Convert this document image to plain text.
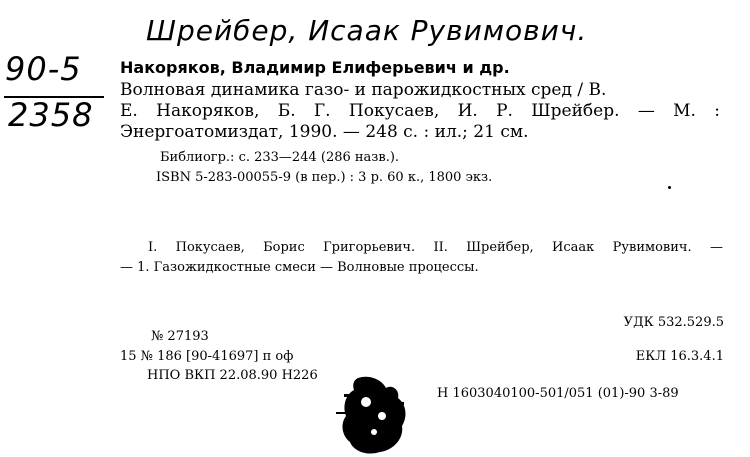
Шрейбер, Исаак Рувимович.
90-5
2358
Накоряков, Владимир Елиферьевич и др.
Волновая динамика газо- и парожидкостных сред / В.
Е. Накоряков, Б. Г. Покусаев, И. Р. Шрейбер. — М. :
Энергоатомиздат, 1990. — 248 с. : ил.; 21 см.
Библиогр.: с. 233—244 (286 назв.).
ISBN 5-283-00055-9 (в пер.) : 3 р. 60 к., 1800 экз.
I. Покусаев, Борис Григорьевич. II. Шрейбер, Исаак Рувимович. —
— 1. Газожидкостные смеси — Волновые процессы.
УДК 532.529.5
№ 27193
15 № 186 [90-41697] п оф	ЕКЛ 16.3.4.1
НПО ВКП 22.08.90 Н226
Н 1603040100-501/051 (01)-90 3-89
